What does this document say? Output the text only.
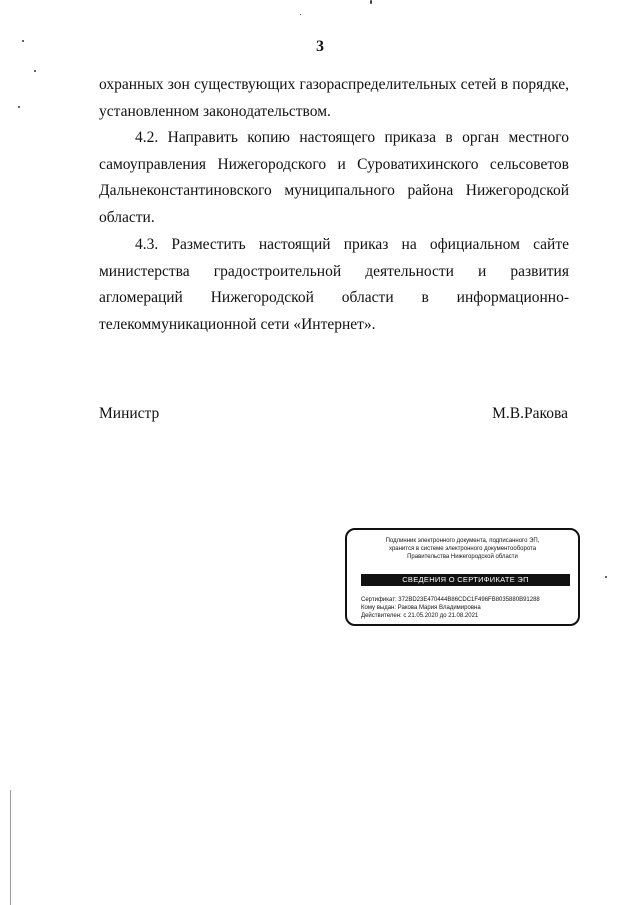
3

охранных зон существующих газораспределительных сетей в порядке, установленном законодательством.

4.2. Направить копию настоящего приказа в орган местного самоуправления Нижегородского и Суроватихинского сельсоветов Дальнеконстантиновского муниципального района Нижегородской области.

4.3. Разместить настоящий приказ на официальном сайте министерства градостроительной деятельности и развития агломераций Нижегородской области в информационно-телекоммуникационной сети «Интернет».

Министр	М.В.Ракова

Подлинник электронного документа, подписанного ЭП,
хранится в системе электронного документооборота
Правительства Нижегородской области

СВЕДЕНИЯ О СЕРТИФИКАТЕ ЭП

Сертификат: 372BD23E470444B86CDC1F496FB8035880B91288

Кому выдан: Ракова Мария Владимировна

Действителен: с 21.05.2020 до 21.08.2021
